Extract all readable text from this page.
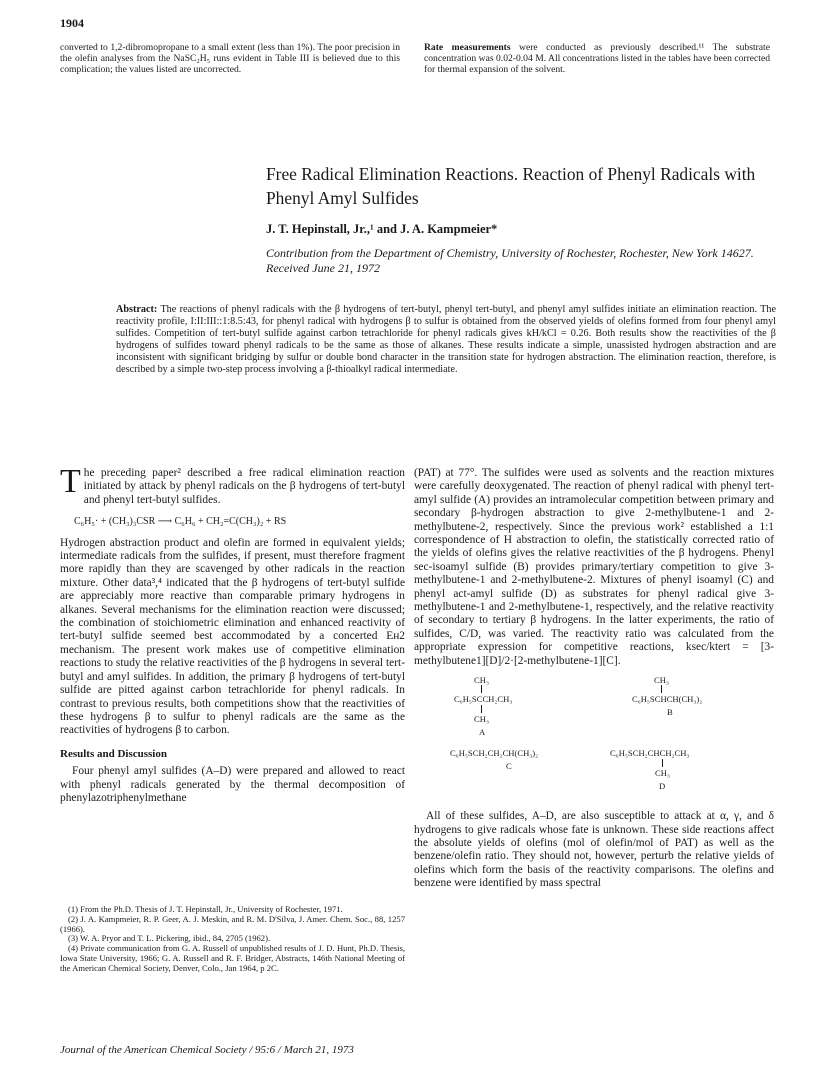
1904
converted to 1,2-dibromopropane to a small extent (less than 1%). The poor precision in the olefin analyses from the NaSC₂H₅ runs evident in Table III is believed due to this complication; the values listed are uncorrected.
Rate measurements were conducted as previously described.¹¹ The substrate concentration was 0.02-0.04 M. All concentrations listed in the tables have been corrected for thermal expansion of the solvent.
Free Radical Elimination Reactions. Reaction of Phenyl Radicals with Phenyl Amyl Sulfides
J. T. Hepinstall, Jr.,¹ and J. A. Kampmeier*
Contribution from the Department of Chemistry, University of Rochester, Rochester, New York 14627. Received June 21, 1972
Abstract: The reactions of phenyl radicals with the β hydrogens of tert-butyl, phenyl tert-butyl, and phenyl amyl sulfides initiate an elimination reaction. The reactivity profile, I:II:III::1:8.5:43, for phenyl radical with hydrogens β to sulfur is obtained from the observed yields of olefins formed from four phenyl amyl sulfides. Competition of tert-butyl sulfide against carbon tetrachloride for phenyl radicals gives kH/kCl = 0.26. Both results show the reactivities of the β hydrogens of sulfides toward phenyl radicals to be the same as those of alkanes. These results indicate a simple, unassisted hydrogen abstraction and are inconsistent with significant bridging by sulfur or double bond character in the transition state for hydrogen abstraction. The elimination reaction, therefore, is described by a simple two-step process involving a β-thioalkyl radical intermediate.

The preceding paper² described a free radical elimination reaction initiated by attack by phenyl radicals on the β hydrogens of tert-butyl and phenyl tert-butyl sulfides.

C₆H₅· + (CH₃)₃CSR ⟶ C₆H₆ + CH₂=C(CH₃)₂ + RS

Hydrogen abstraction product and olefin are formed in equivalent yields; intermediate radicals from the sulfides, if present, must therefore fragment more rapidly than they are scavenged by other radicals in the reaction mixture. Other data³,⁴ indicated that the β hydrogens of tert-butyl sulfide are appreciably more reactive than comparable primary hydrogens in alkanes. Several mechanisms for the elimination reaction were discussed; the combination of stoichiometric elimination and enhanced reactivity of tert-butyl sulfide seemed best accommodated by a concerted Eн2 mechanism. The present work makes use of competitive elimination reactions to study the relative reactivities of the β hydrogens in several tert-butyl and amyl sulfides. In addition, the primary β hydrogens of tert-butyl sulfide are pitted against carbon tetrachloride for phenyl radicals. In contrast to previous results, both competitions show that the reactivities of these hydrogens β to sulfur to phenyl radicals are the same as the reactivities of hydrogens β to carbon.

Results and Discussion

Four phenyl amyl sulfides (A–D) were prepared and allowed to react with phenyl radicals generated by the thermal decomposition of phenylazotriphenylmethane

(1) From the Ph.D. Thesis of J. T. Hepinstall, Jr., University of Rochester, 1971.
(2) J. A. Kampmeier, R. P. Geer, A. J. Meskin, and R. M. D'Silva, J. Amer. Chem. Soc., 88, 1257 (1966).
(3) W. A. Pryor and T. L. Pickering, ibid., 84, 2705 (1962).
(4) Private communication from G. A. Russell of unpublished results of J. D. Hunt, Ph.D. Thesis, Iowa State University, 1966; G. A. Russell and R. F. Bridger, Abstracts, 146th National Meeting of the American Chemical Society, Denver, Colo., Jan 1964, p 2C.

(PAT) at 77°. The sulfides were used as solvents and the reaction mixtures were carefully deoxygenated. The reaction of phenyl radical with phenyl tert-amyl sulfide (A) provides an intramolecular competition between primary and secondary β-hydrogen abstraction to give 2-methylbutene-1 and 2-methylbutene-2, respectively. Since the previous work² established a 1:1 correspondence of H abstraction to olefin, the statistically corrected ratio of the yields of olefins gives the relative reactivities of the β hydrogens. Phenyl sec-isoamyl sulfide (B) provides primary/tertiary competition to give 3-methylbutene-1 and 2-methylbutene-2. Mixtures of phenyl isoamyl (C) and phenyl act-amyl sulfide (D) as substrates for phenyl radical give 3-methylbutene-1 and 2-methylbutene-1, respectively, and the relative reactivity of secondary to tertiary β hydrogens. In the latter experiments, the ratio of sulfides, C/D, was varied. The reactivity ratio was calculated from the appropriate expression for competitive reactions, ksec/ktert = [3-methylbutene1][D]/2·[2-methylbutene-1][C].

CH₃
C₆H₅SCCH₂CH₃
CH₃
A
CH₃
C₆H₅SCHCH(CH₃)₂
B
C₆H₅SCH₂CH₂CH(CH₃)₂
C
C₆H₅SCH₂CHCH₂CH₃
CH₃
D

All of these sulfides, A–D, are also susceptible to attack at α, γ, and δ hydrogens to give radicals whose fate is unknown. These side reactions affect the absolute yields of olefins (mol of olefin/mol of PAT) as well as the benzene/olefin ratio. They should not, however, perturb the relative yields of olefins which form the basis of the reactivity comparisons. The olefins and benzene were identified by mass spectral

Journal of the American Chemical Society / 95:6 / March 21, 1973
